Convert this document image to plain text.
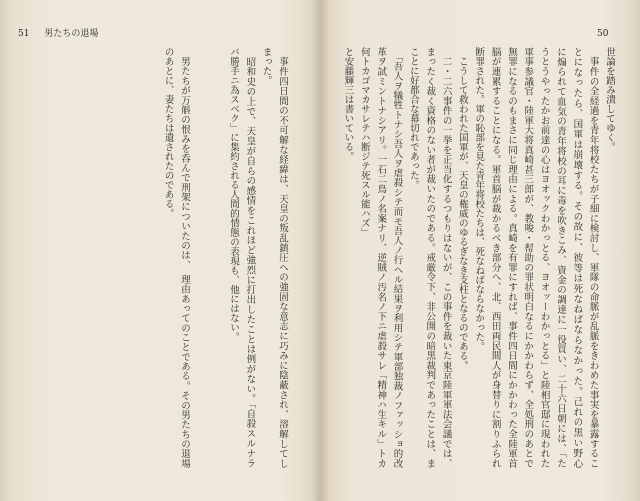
51 男たちの退場
　事件四日間の不可解な経緯は、天皇の叛乱鎮圧への強固な意志に巧みに陰蔽され、溶解してし
まった。
　昭和史の上で、天皇が自らの感情をこれほど強烈に打出したことは例がない。「自殺スルナラ
バ勝手ニ為スベク」に集約される人間的情態の表現も、他にはない。
　男たちが万斛の恨みを呑んで刑架についたのは、　理由あってのことである。その男たちの退場
のあとに、妻たちは遺されたのである。
50
世論を踏み潰してゆく。
　事件の全経過を青年将校たちが子細に検討し、軍隊の命脈が乱脈をきわめた事実を暴露するこ
とになったら、国軍は崩壊する。その故に、彼等は死なねばならなかった。己れの黒い野心
に煽られて血気の青年将校の耳に毒を吹きこみ、資金の調達に一役買い、二十六日朝には、「た
うとうやったかお前達の心はヨオックわかっとる、ヨオッーわかっとる」と陸相官邸に現われた
軍事参議官・陸軍大将真崎甚三郎が、教唆・幇助の罪状明白なるにかかわらず、全処刑のあとで
無罪になるのもまさに同じ理由による。真崎を有罪にすれば、事件四日間にかかわった全陸軍首
脳が連累することになる。軍首脳が裁かるべき部分へ、北、西田両民間人が身替りに割りふられ
断罪された。軍の恥部を見た青年将校たちは、死なねばならなかった。
　こうして救われた国軍が、天皇の権威のゆるぎなき支柱となるのである。
　二・二六事件の一挙を正当化するつもりはないが、この事件を裁いた東京陸軍軍法会議では、
まったく裁く資格のない者が裁いたのである。戒厳令下、非公開の暗黒裁判であったことは、ま
ことに好都合な幕切れであった。
　「吾人ヲ犠牲トナシ吾人ヲ虐殺シテ而モ吾人ノ行ヘル結果ヲ利用シテ軍部独裁ノファッショ的改
革ヲ試ミントナシアリ。一石二鳥ノ名案ナリ、逆賊ノ汚名ノ下ニ虐殺サレ「精神ハ生キル」トカ
何トカゴマカサレテハ断ジテ死スル能ハズ」
と安藤輝三は書いている。
